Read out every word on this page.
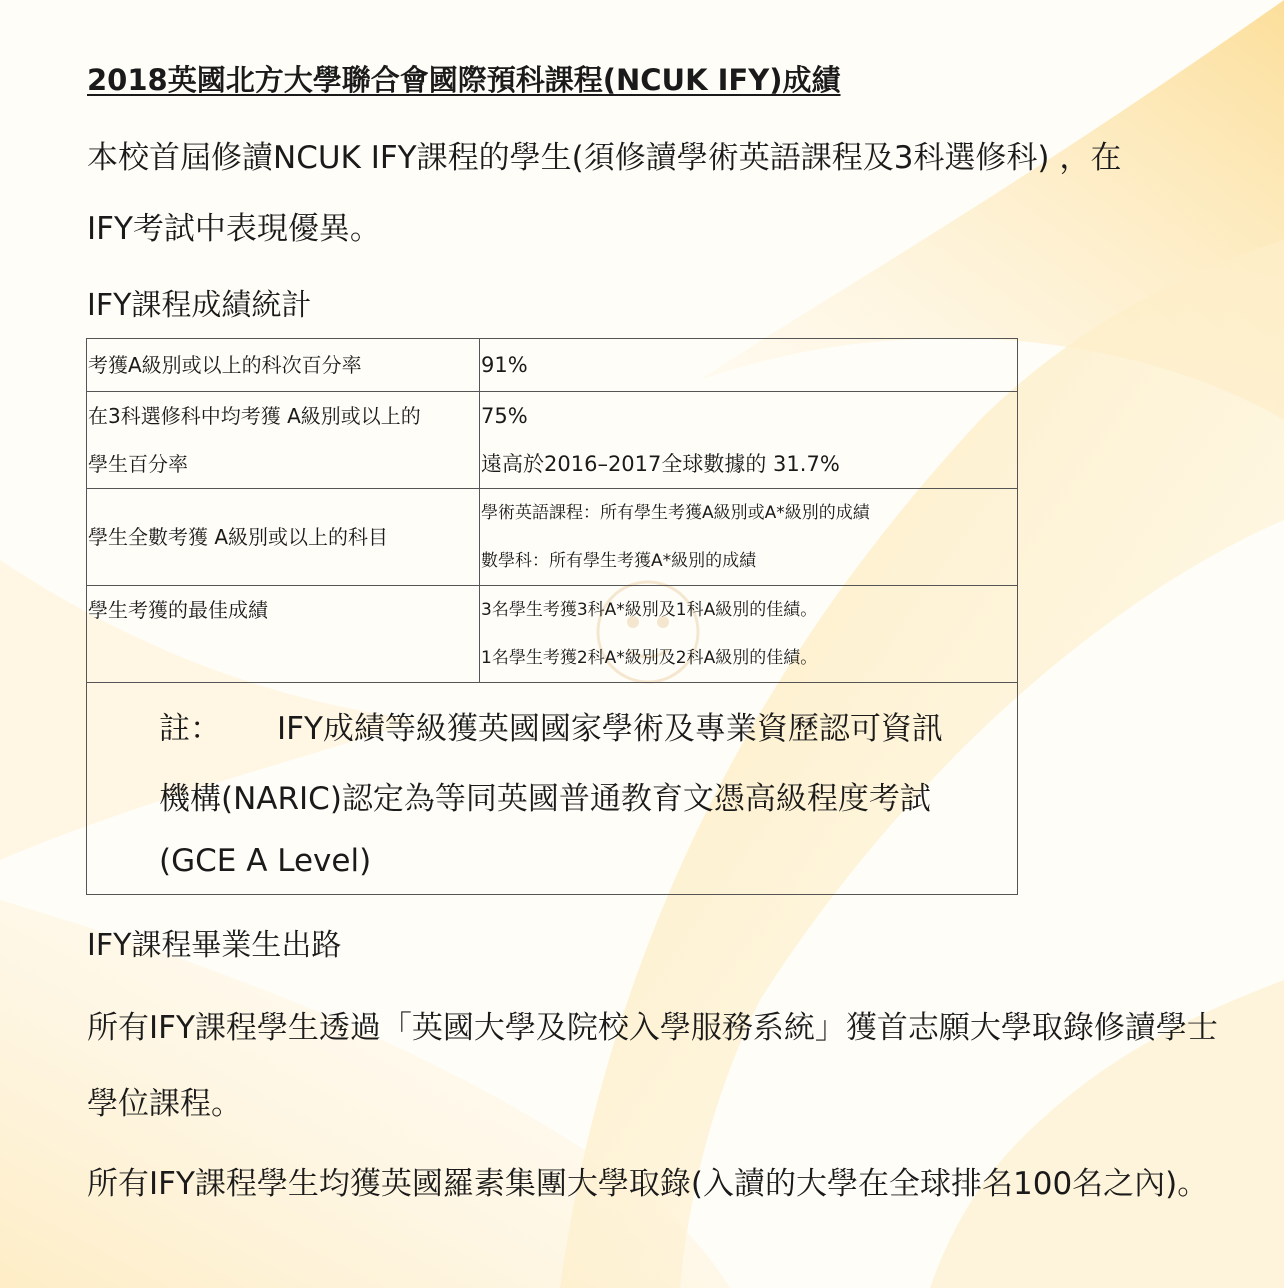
2018英國北方大學聯合會國際預科課程(NCUK IFY)成績
本校首屆修讀NCUK IFY課程的學生(須修讀學術英語課程及3科選修科) ，在
IFY考試中表現優異。
IFY課程成績統計
考獲A級別或以上的科次百分率	91%

在3科選修科中均考獲 A級別或以上的
學生百分率	75%
遠高於2016–2017全球數據的 31.7%

學生全數考獲 A級別或以上的科目	學術英語課程：所有學生考獲A級別或A*級別的成績
數學科：所有學生考獲A*級別的成績

學生考獲的最佳成績	3名學生考獲3科A*級別及1科A級別的佳績。
1名學生考獲2科A*級別及2科A級別的佳績。

註： IFY成績等級獲英國國家學術及專業資歷認可資訊
機構(NARIC)認定為等同英國普通教育文憑高級程度考試
(GCE A Level)	
IFY課程畢業生出路
所有IFY課程學生透過「英國大學及院校入學服務系統」獲首志願大學取錄修讀學士
學位課程。
所有IFY課程學生均獲英國羅素集團大學取錄(入讀的大學在全球排名100名之內)。
